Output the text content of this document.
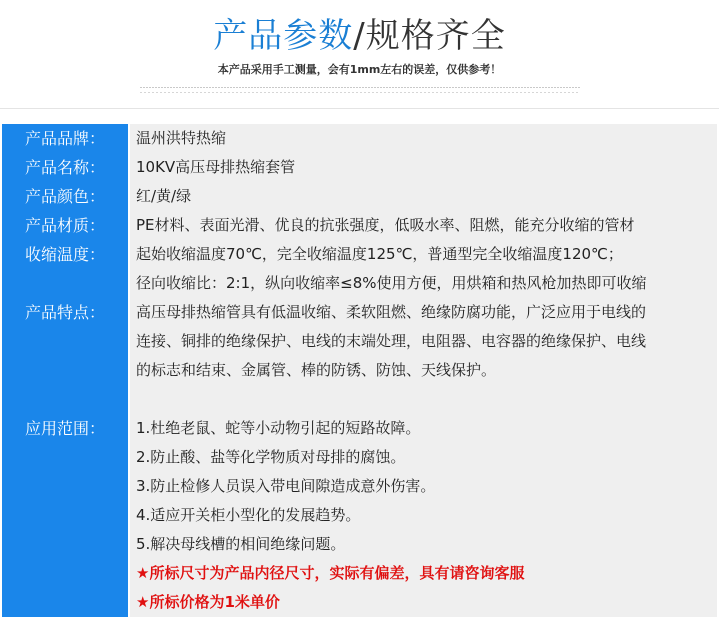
产品参数/规格齐全
本产品采用手工测量，会有1mm左右的误差，仅供参考！
产品品牌：	温州洪特热缩
产品名称：	10KV高压母排热缩套管
产品颜色：	红/黄/绿
产品材质：	PE材料、表面光滑、优良的抗张强度，低吸水率、阻燃，能充分收缩的管材
收缩温度：	起始收缩温度70℃，完全收缩温度125℃，普通型完全收缩温度120℃；
径向收缩比：2:1，纵向收缩率≤8%使用方便，用烘箱和热风枪加热即可收缩
产品特点：	高压母排热缩管具有低温收缩、柔软阻燃、绝缘防腐功能，广泛应用于电线的
连接、铜排的绝缘保护、电线的末端处理，电阻器、电容器的绝缘保护、电线
的标志和结束、金属管、棒的防锈、防蚀、天线保护。
应用范围：	1.杜绝老鼠、蛇等小动物引起的短路故障。
2.防止酸、盐等化学物质对母排的腐蚀。
3.防止检修人员误入带电间隙造成意外伤害。
4.适应开关柜小型化的发展趋势。
5.解决母线槽的相间绝缘问题。
★所标尺寸为产品内径尺寸，实际有偏差，具有请咨询客服
★所标价格为1米单价
